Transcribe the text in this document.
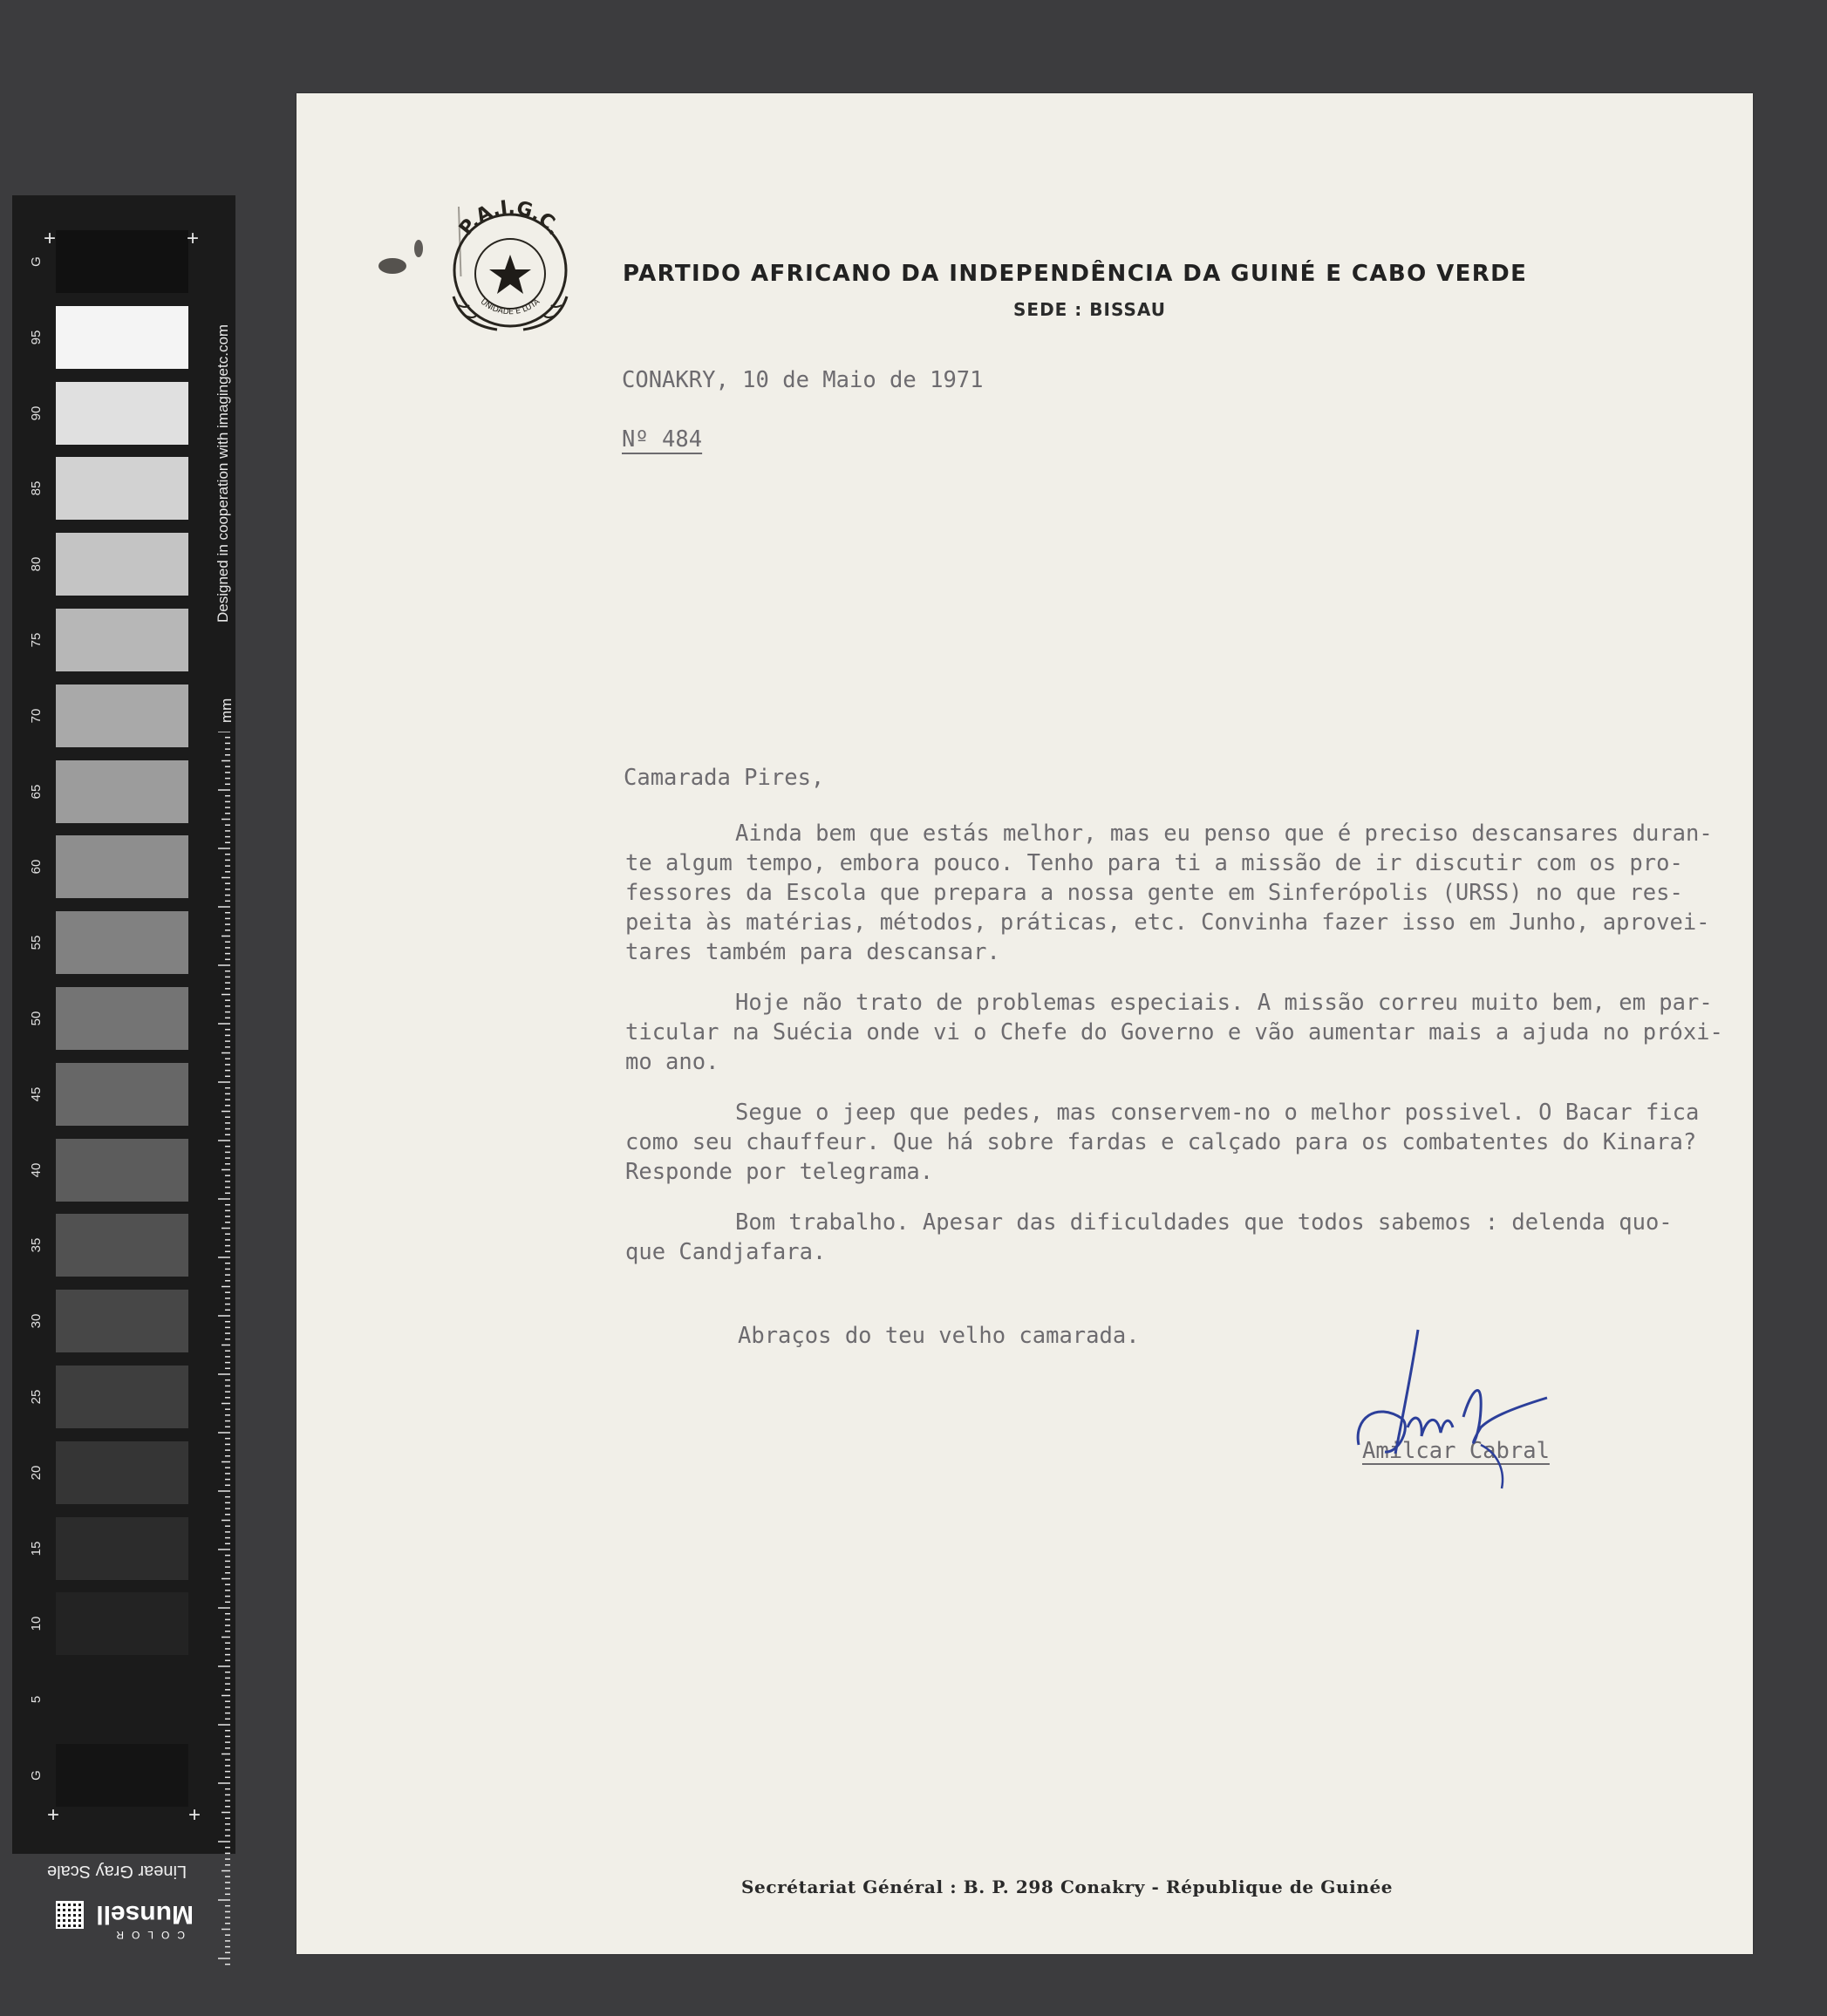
G
95
90
85
80
75
70
65
60
55
50
45
40
35
30
25
20
15
10
5
G
+	+
+	+
Designed in cooperation with imagingetc.com
mm
Linear Gray Scale
Munsell
COLOR
P.A.I.G.C.
UNIDADE E LUTA
PARTIDO AFRICANO DA INDEPENDÊNCIA DA GUINÉ E CABO VERDE
SEDE : BISSAU
CONAKRY, 10 de Maio de 1971
Nº 484
Camarada Pires,
Ainda bem que estás melhor, mas eu penso que é preciso descansares duran-
te algum tempo, embora pouco. Tenho para ti a missão de ir discutir com os pro-
fessores da Escola que prepara a nossa gente em Sinferópolis (URSS) no que res-
peita às matérias, métodos, práticas, etc. Convinha fazer isso em Junho, aprovei-
tares também para descansar.
Hoje não trato de problemas especiais. A missão correu muito bem, em par-
ticular na Suécia onde vi o Chefe do Governo e vão aumentar mais a ajuda no próxi-
mo ano.
Segue o jeep que pedes, mas conservem-no o melhor possivel. O Bacar fica
como seu chauffeur. Que há sobre fardas e calçado para os combatentes do Kinara?
Responde por telegrama.
Bom trabalho. Apesar das dificuldades que todos sabemos : delenda quo-
que Candjafara.
Abraços do teu velho camarada.
Amilcar Cabral
Secrétariat Général : B. P. 298 Conakry - République de Guinée
